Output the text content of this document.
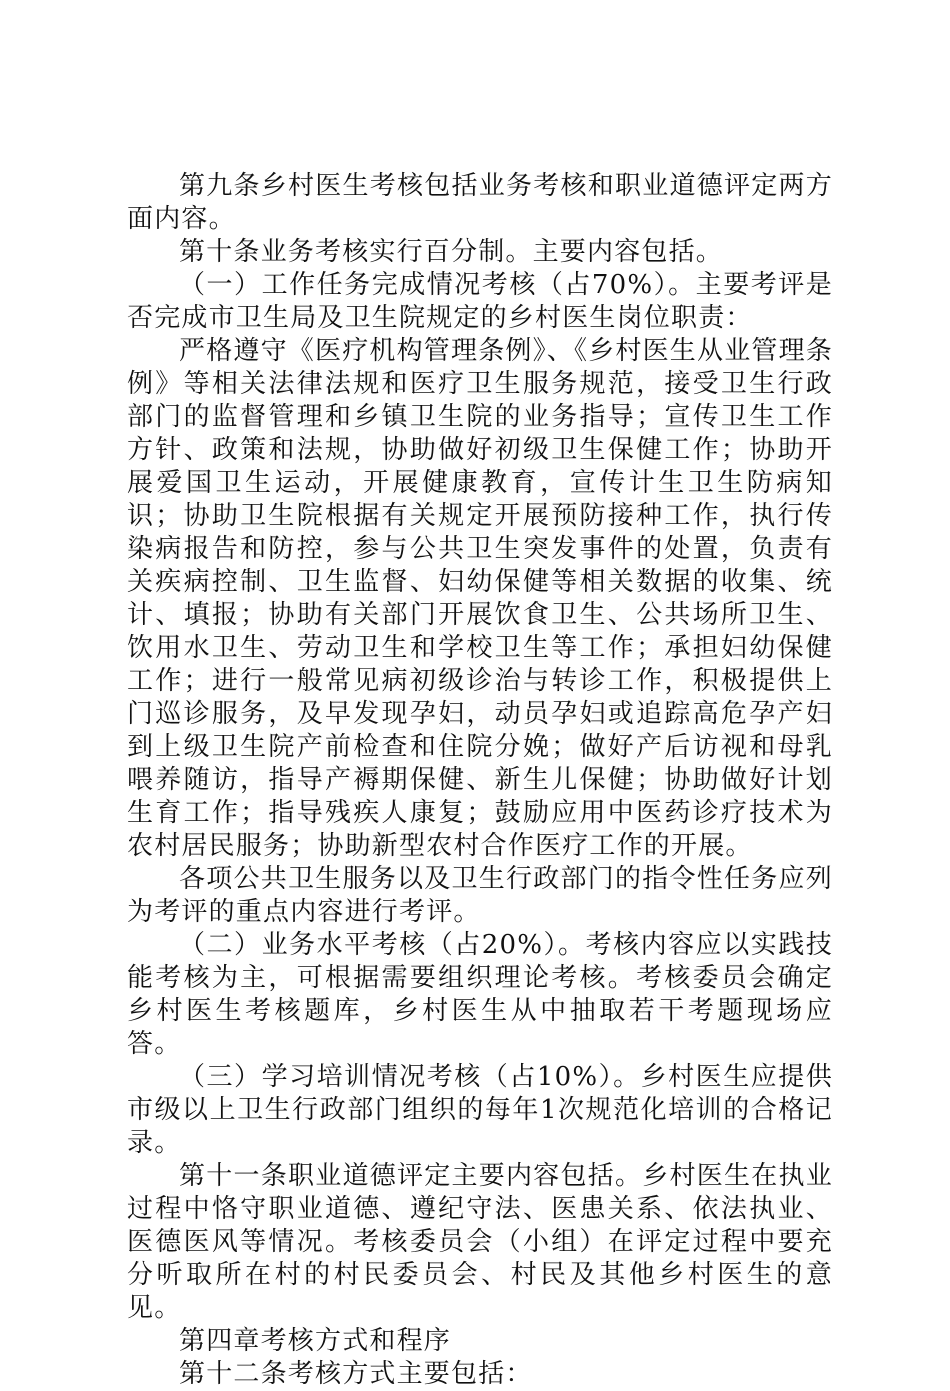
第九条乡村医生考核包括业务考核和职业道德评定两方面内容。

第十条业务考核实行百分制。主要内容包括。

（一）工作任务完成情况考核（占70%）。主要考评是否完成市卫生局及卫生院规定的乡村医生岗位职责：

严格遵守《医疗机构管理条例》、《乡村医生从业管理条例》等相关法律法规和医疗卫生服务规范，接受卫生行政部门的监督管理和乡镇卫生院的业务指导；宣传卫生工作方针、政策和法规，协助做好初级卫生保健工作；协助开展爱国卫生运动，开展健康教育，宣传计生卫生防病知识；协助卫生院根据有关规定开展预防接种工作，执行传染病报告和防控，参与公共卫生突发事件的处置，负责有关疾病控制、卫生监督、妇幼保健等相关数据的收集、统计、填报；协助有关部门开展饮食卫生、公共场所卫生、饮用水卫生、劳动卫生和学校卫生等工作；承担妇幼保健工作；进行一般常见病初级诊治与转诊工作，积极提供上门巡诊服务，及早发现孕妇，动员孕妇或追踪高危孕产妇到上级卫生院产前检查和住院分娩；做好产后访视和母乳喂养随访，指导产褥期保健、新生儿保健；协助做好计划生育工作；指导残疾人康复；鼓励应用中医药诊疗技术为农村居民服务；协助新型农村合作医疗工作的开展。

各项公共卫生服务以及卫生行政部门的指令性任务应列为考评的重点内容进行考评。

（二）业务水平考核（占20%）。考核内容应以实践技能考核为主，可根据需要组织理论考核。考核委员会确定乡村医生考核题库，乡村医生从中抽取若干考题现场应答。

（三）学习培训情况考核（占10%）。乡村医生应提供市级以上卫生行政部门组织的每年1次规范化培训的合格记录。

第十一条职业道德评定主要内容包括。乡村医生在执业过程中恪守职业道德、遵纪守法、医患关系、依法执业、医德医风等情况。考核委员会（小组）在评定过程中要充分听取所在村的村民委员会、村民及其他乡村医生的意见。

第四章考核方式和程序

第十二条考核方式主要包括：
